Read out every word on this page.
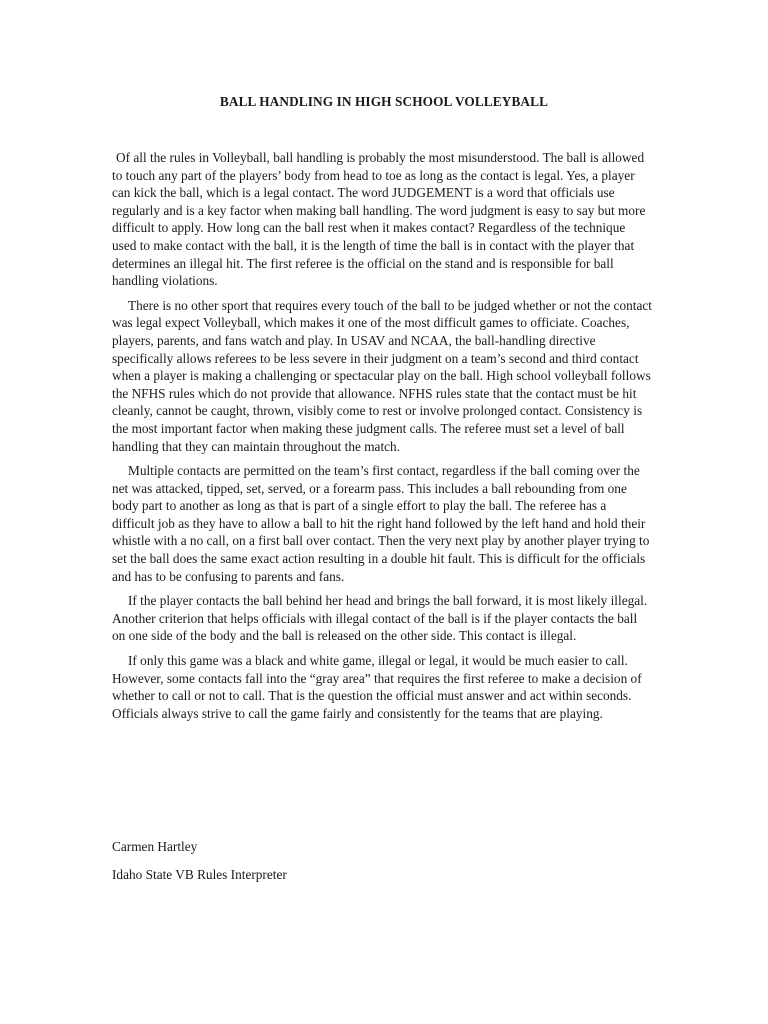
BALL HANDLING IN HIGH SCHOOL VOLLEYBALL

Of all the rules in Volleyball, ball handling is probably the most misunderstood. The ball is allowed to touch any part of the players’ body from head to toe as long as the contact is legal. Yes, a player can kick the ball, which is a legal contact. The word JUDGEMENT is a word that officials use regularly and is a key factor when making ball handling. The word judgment is easy to say but more difficult to apply. How long can the ball rest when it makes contact? Regardless of the technique used to make contact with the ball, it is the length of time the ball is in contact with the player that determines an illegal hit. The first referee is the official on the stand and is responsible for ball handling violations.

There is no other sport that requires every touch of the ball to be judged whether or not the contact was legal expect Volleyball, which makes it one of the most difficult games to officiate. Coaches, players, parents, and fans watch and play. In USAV and NCAA, the ball-handling directive specifically allows referees to be less severe in their judgment on a team’s second and third contact when a player is making a challenging or spectacular play on the ball. High school volleyball follows the NFHS rules which do not provide that allowance. NFHS rules state that the contact must be hit cleanly, cannot be caught, thrown, visibly come to rest or involve prolonged contact. Consistency is the most important factor when making these judgment calls. The referee must set a level of ball handling that they can maintain throughout the match.

Multiple contacts are permitted on the team’s first contact, regardless if the ball coming over the net was attacked, tipped, set, served, or a forearm pass. This includes a ball rebounding from one body part to another as long as that is part of a single effort to play the ball. The referee has a difficult job as they have to allow a ball to hit the right hand followed by the left hand and hold their whistle with a no call, on a first ball over contact. Then the very next play by another player trying to set the ball does the same exact action resulting in a double hit fault. This is difficult for the officials and has to be confusing to parents and fans.

If the player contacts the ball behind her head and brings the ball forward, it is most likely illegal. Another criterion that helps officials with illegal contact of the ball is if the player contacts the ball on one side of the body and the ball is released on the other side. This contact is illegal.

If only this game was a black and white game, illegal or legal, it would be much easier to call. However, some contacts fall into the “gray area” that requires the first referee to make a decision of whether to call or not to call. That is the question the official must answer and act within seconds. Officials always strive to call the game fairly and consistently for the teams that are playing.

Carmen Hartley

Idaho State VB Rules Interpreter
